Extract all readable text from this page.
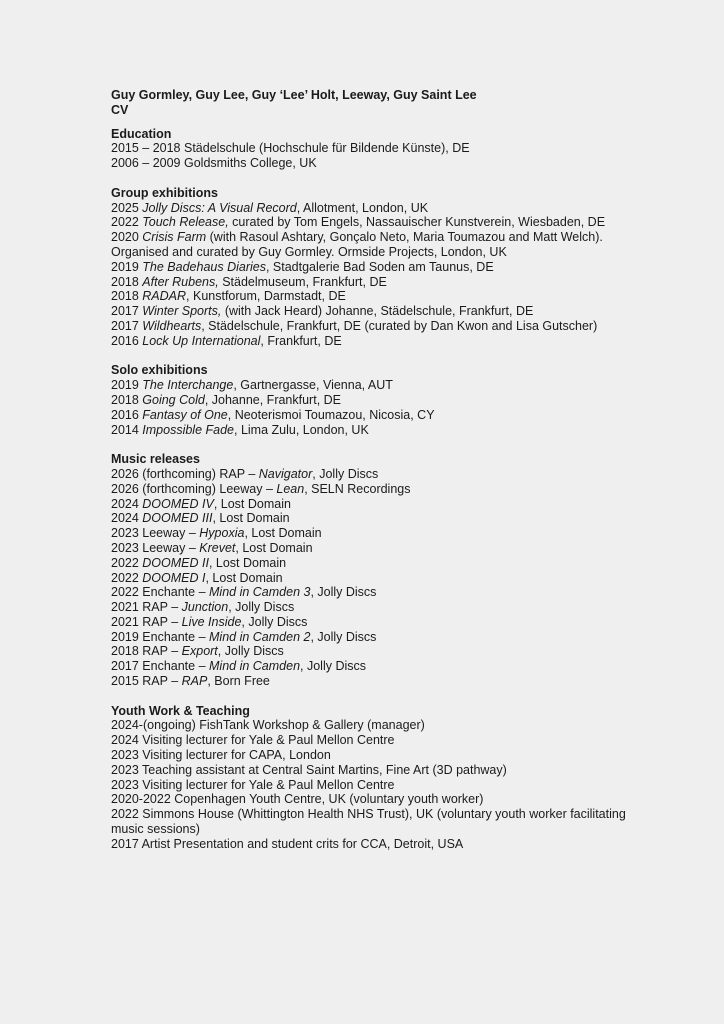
Guy Gormley, Guy Lee, Guy ‘Lee’ Holt, Leeway, Guy Saint Lee
CV
Education
2015 – 2018 Städelschule (Hochschule für Bildende Künste), DE
2006 – 2009 Goldsmiths College, UK
Group exhibitions
2025 Jolly Discs: A Visual Record, Allotment, London, UK
2022 Touch Release, curated by Tom Engels, Nassauischer Kunstverein, Wiesbaden, DE
2020 Crisis Farm (with Rasoul Ashtary, Gonçalo Neto, Maria Toumazou and Matt Welch).
Organised and curated by Guy Gormley. Ormside Projects, London, UK
2019 The Badehaus Diaries, Stadtgalerie Bad Soden am Taunus, DE
2018 After Rubens, Städelmuseum, Frankfurt, DE
2018 RADAR, Kunstforum, Darmstadt, DE
2017 Winter Sports, (with Jack Heard) Johanne, Städelschule, Frankfurt, DE
2017 Wildhearts, Städelschule, Frankfurt, DE (curated by Dan Kwon and Lisa Gutscher)
2016 Lock Up International, Frankfurt, DE
Solo exhibitions
2019 The Interchange, Gartnergasse, Vienna, AUT
2018 Going Cold, Johanne, Frankfurt, DE
2016 Fantasy of One, Neoterismoi Toumazou, Nicosia, CY
2014 Impossible Fade, Lima Zulu, London, UK
Music releases
2026 (forthcoming) RAP – Navigator, Jolly Discs
2026 (forthcoming) Leeway – Lean, SELN Recordings
2024 DOOMED IV, Lost Domain
2024 DOOMED III, Lost Domain
2023 Leeway – Hypoxia, Lost Domain
2023 Leeway – Krevet, Lost Domain
2022 DOOMED II, Lost Domain
2022 DOOMED I, Lost Domain
2022 Enchante – Mind in Camden 3, Jolly Discs
2021 RAP – Junction, Jolly Discs
2021 RAP – Live Inside, Jolly Discs
2019 Enchante – Mind in Camden 2, Jolly Discs
2018 RAP – Export, Jolly Discs
2017 Enchante – Mind in Camden, Jolly Discs
2015 RAP – RAP, Born Free
Youth Work & Teaching
2024-(ongoing) FishTank Workshop & Gallery (manager)
2024 Visiting lecturer for Yale & Paul Mellon Centre
2023 Visiting lecturer for CAPA, London
2023 Teaching assistant at Central Saint Martins, Fine Art (3D pathway)
2023 Visiting lecturer for Yale & Paul Mellon Centre
2020-2022 Copenhagen Youth Centre, UK (voluntary youth worker)
2022 Simmons House (Whittington Health NHS Trust), UK (voluntary youth worker facilitating
music sessions)
2017 Artist Presentation and student crits for CCA, Detroit, USA
